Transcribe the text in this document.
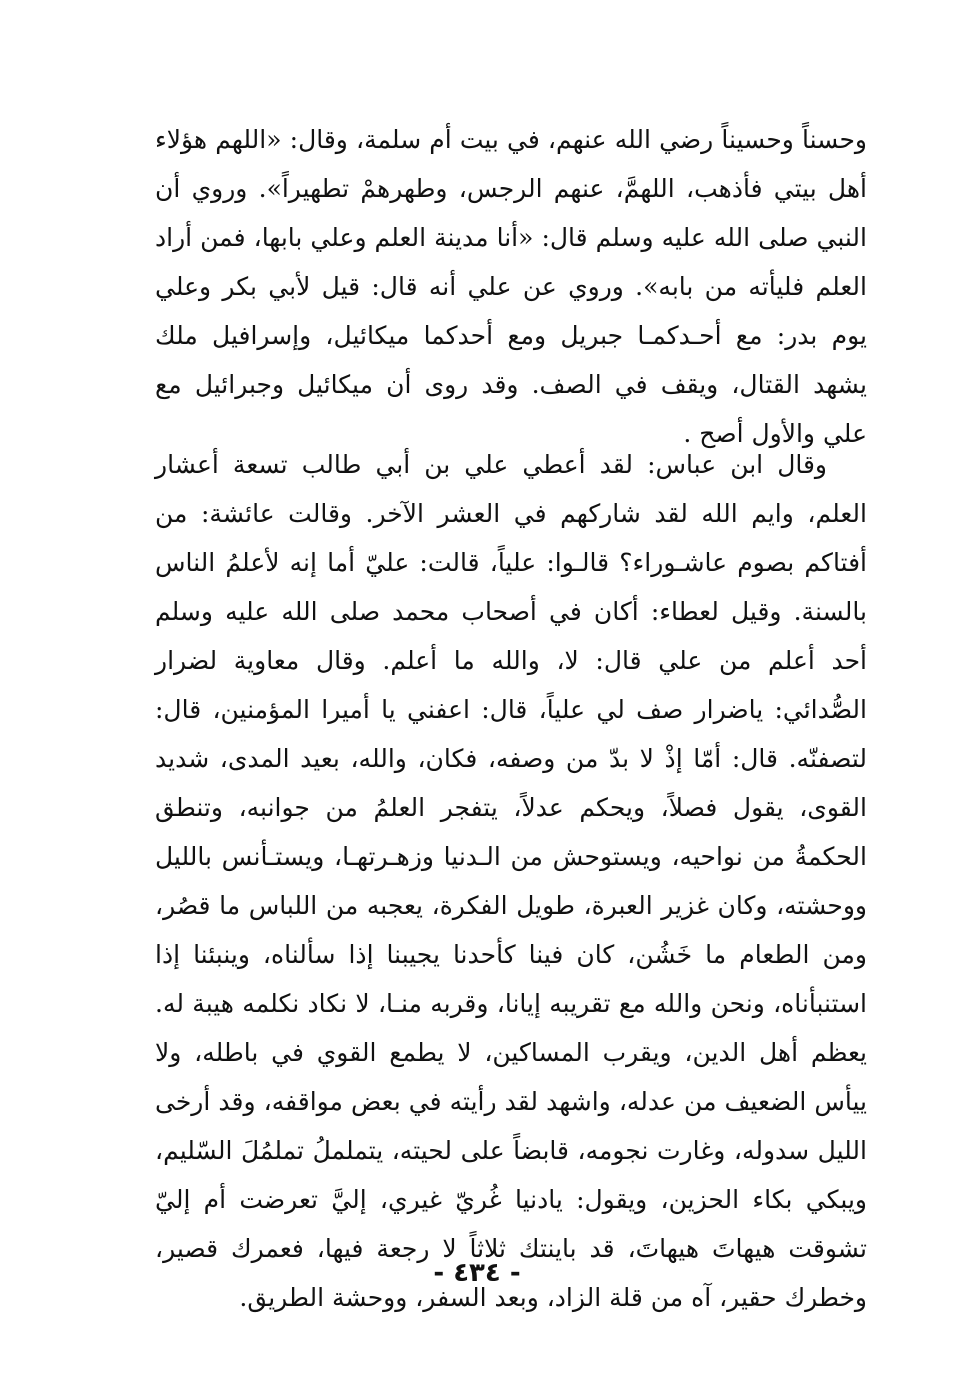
وحسناً وحسيناً رضي الله عنهم، في بيت أم سلمة، وقال: «اللهم هؤلاء أهل بيتي فأذهب، اللهمَّ، عنهم الرجس، وطهرهمْ تطهيراً». وروي أن النبي صلى الله عليه وسلم قال: «أنا مدينة العلم وعلي بابها، فمن أراد العلم فليأته من بابه». وروي عن علي أنه قال: قيل لأبي بكر وعلي يوم بدر: مع أحـدكمـا جبريل ومع أحدكما ميكائيل، وإسرافيل ملك يشهد القتال، ويقف في الصف. وقد روى أن ميكائيل وجبرائيل مع علي والأول أصح .

وقال ابن عباس: لقد أعطي علي بن أبي طالب تسعة أعشار العلم، وايم الله لقد شاركهم في العشر الآخر. وقالت عائشة: من أفتاكم بصوم عاشـوراء؟ قالـوا: علياً، قالت: عليّ أما إنه لأعلمُ الناس بالسنة. وقيل لعطاء: أكان في أصحاب محمد صلى الله عليه وسلم أحد أعلم من علي قال: لا، والله ما أعلم. وقال معاوية لضرار الصُّدائي: ياضرار صف لي علياً، قال: اعفني يا أميرا المؤمنين، قال: لتصفنّه. قال: أمّا إذْ لا بدّ من وصفه، فكان، والله، بعيد المدى، شديد القوى، يقول فصلاً، ويحكم عدلاً، يتفجر العلمُ من جوانبه، وتنطق الحكمةُ من نواحيه، ويستوحش من الـدنيا وزهـرتهـا، ويستـأنس بالليل ووحشته، وكان غزير العبرة، طويل الفكرة، يعجبه من اللباس ما قصُر، ومن الطعام ما خَشُن، كان فينا كأحدنا يجيبنا إذا سألناه، وينبئنا إذا استنبأناه، ونحن والله مع تقريبه إيانا، وقربه منـا، لا نكاد نكلمه هيبة له. يعظم أهل الدين، ويقرب المساكين، لا يطمع القوي في باطله، ولا ييأس الضعيف من عدله، واشهد لقد رأيته في بعض مواقفه، وقد أرخى الليل سدوله، وغارت نجومه، قابضاً على لحيته، يتململُ تملمُلَ السّليم، ويبكي بكاء الحزين، ويقول: يادنيا غُريّ غيري، إليَّ تعرضت أم إليّ تشوقت هيهاتَ هيهاتَ، قد باينتك ثلاثاً لا رجعة فيها، فعمرك قصير، وخطرك حقير، آه من قلة الزاد، وبعد السفر، ووحشة الطريق.

- ٤٣٤ -
